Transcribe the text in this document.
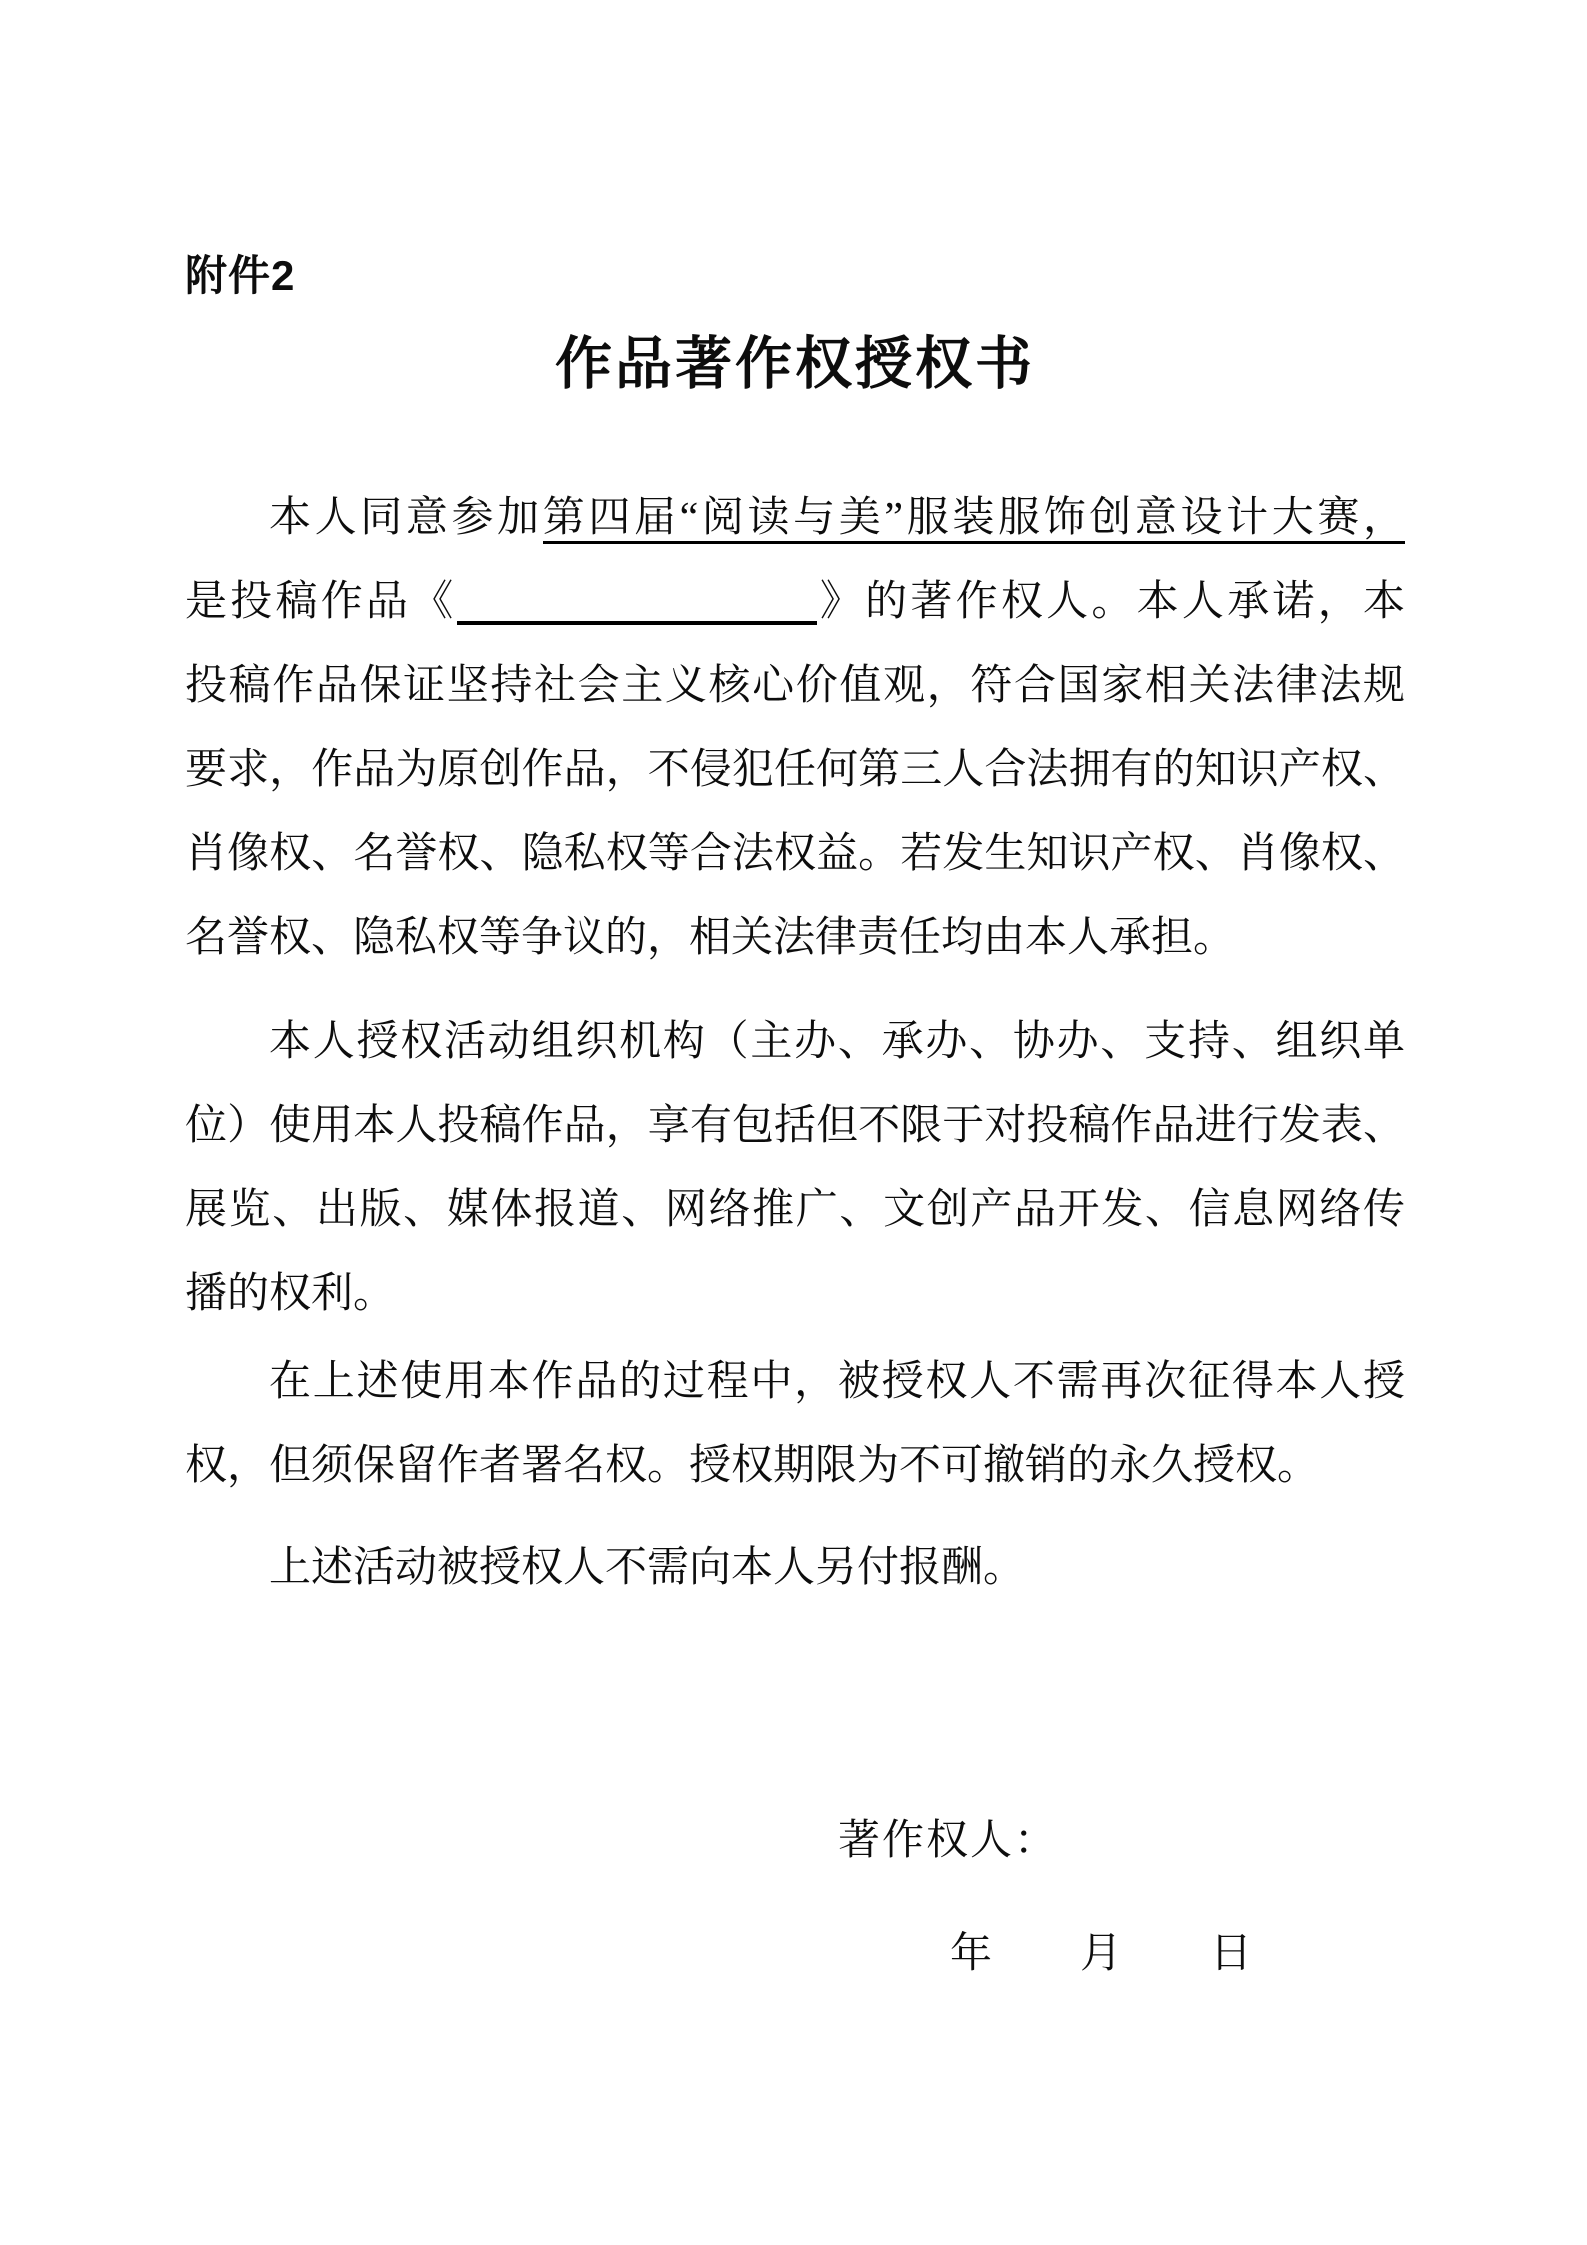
附件2
作品著作权授权书
本人同意参加第四届“阅读与美”服装服饰创意设计大赛，
是投稿作品《	》的著作权人。本人承诺，本
投稿作品保证坚持社会主义核心价值观，符合国家相关法律法规
要求，作品为原创作品，不侵犯任何第三人合法拥有的知识产权、
肖像权、名誉权、隐私权等合法权益。若发生知识产权、肖像权、
名誉权、隐私权等争议的，相关法律责任均由本人承担。
本人授权活动组织机构（主办、承办、协办、支持、组织单
位）使用本人投稿作品，享有包括但不限于对投稿作品进行发表、
展览、出版、媒体报道、网络推广、文创产品开发、信息网络传
播的权利。
在上述使用本作品的过程中，被授权人不需再次征得本人授
权，但须保留作者署名权。授权期限为不可撤销的永久授权。
上述活动被授权人不需向本人另付报酬。
著作权人：
年 月 日
